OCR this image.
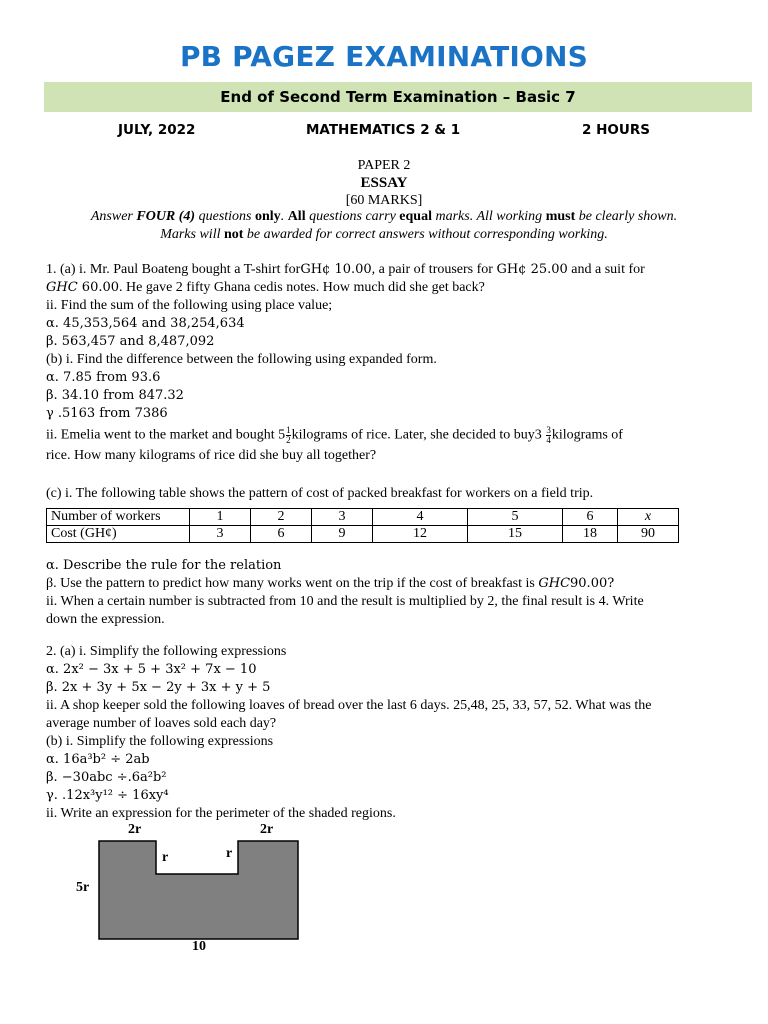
PB PAGEZ EXAMINATIONS
End of Second Term Examination – Basic 7
JULY, 2022	MATHEMATICS 2 & 1	2 HOURS
PAPER 2
ESSAY
[60 MARKS]
Answer FOUR (4) questions only. All questions carry equal marks. All working must be clearly shown.
Marks will not be awarded for correct answers without corresponding working.

1. (a) i. Mr. Paul Boateng bought a T-shirt forGH¢ 10.00, a pair of trousers for GH¢ 25.00 and a suit for

GHC 60.00. He gave 2 fifty Ghana cedis notes. How much did she get back?

ii. Find the sum of the following using place value;

α. 45,353,564 and 38,254,634

β. 563,457 and 8,487,092

(b) i. Find the difference between the following using expanded form.

α. 7.85 from 93.6

β. 34.10 from 847.32

γ .5163 from 7386

ii. Emelia went to the market and bought $5 \frac{1}{2}$ kilograms of rice. Later, she decided to $buy3 \frac{3}{4}$ kilograms of

rice. How many kilograms of rice did she buy all together?

(c) i. The following table shows the pattern of cost of packed breakfast for workers on a field trip.
Number of workers	1	2	3	4	5	6	x
Cost (GH¢)	3	6	9	12	15	18	90

α. Describe the rule for the relation

β. Use the pattern to predict how many works went on the trip if the cost of breakfast is GHC90.00?

ii. When a certain number is subtracted from 10 and the result is multiplied by 2, the final result is 4. Write

down the expression.

2. (a) i. Simplify the following expressions

α. 2x² − 3x + 5 + 3x² + 7x − 10

β. 2x + 3y + 5x − 2y + 3x + y + 5

ii. A shop keeper sold the following loaves of bread over the last 6 days. 25,48, 25, 33, 57, 52. What was the

average number of loaves sold each day?

(b) i. Simplify the following expressions

α. 16a³b² ÷ 2ab

β. −30abc ÷.6a²b²

γ. .12x³y¹² ÷ 16xy⁴

ii. Write an expression for the perimeter of the shaded regions.

2r	2r
r	r
5r
10
